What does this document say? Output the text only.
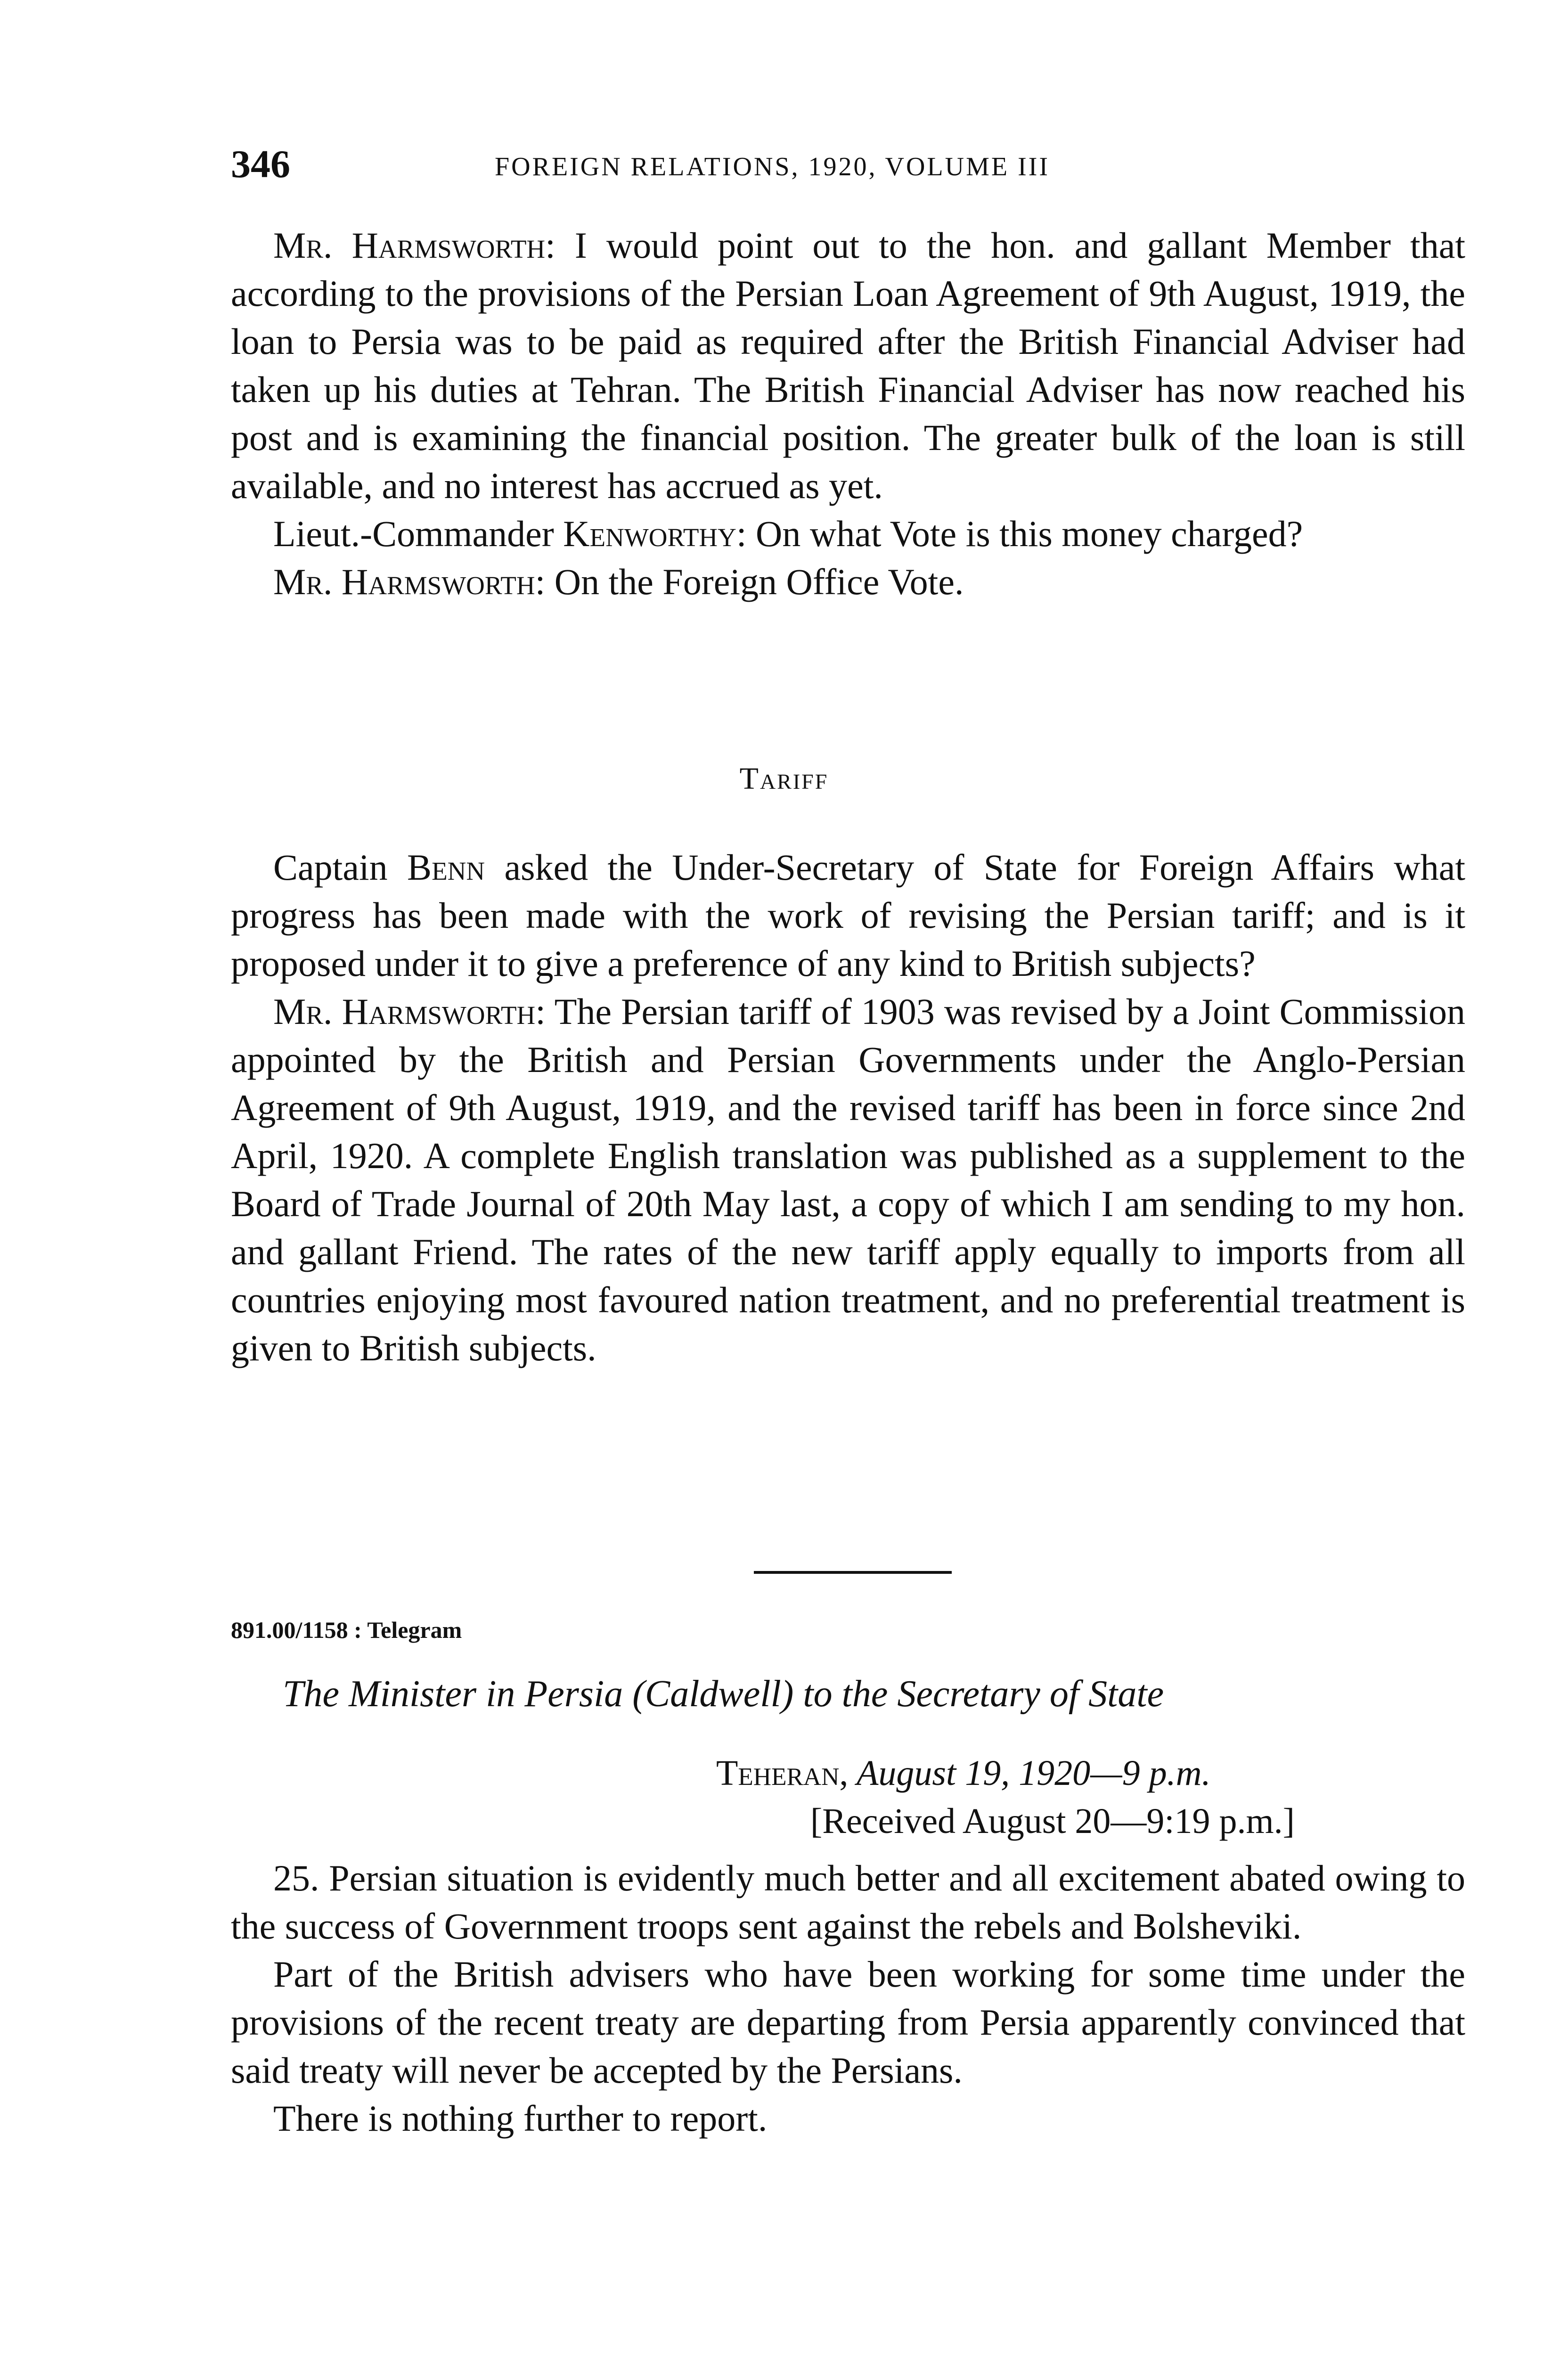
346	FOREIGN RELATIONS, 1920, VOLUME III

Mr. Harmsworth: I would point out to the hon. and gallant Member that according to the provisions of the Persian Loan Agreement of 9th August, 1919, the loan to Persia was to be paid as required after the British Financial Adviser had taken up his duties at Tehran. The British Financial Adviser has now reached his post and is examining the financial position. The greater bulk of the loan is still available, and no interest has accrued as yet.

Lieut.-Commander Kenworthy: On what Vote is this money charged?

Mr. Harmsworth: On the Foreign Office Vote.

Tariff

Captain Benn asked the Under-Secretary of State for Foreign Affairs what progress has been made with the work of revising the Persian tariff; and is it proposed under it to give a preference of any kind to British subjects?

Mr. Harmsworth: The Persian tariff of 1903 was revised by a Joint Commission appointed by the British and Persian Governments under the Anglo-Persian Agreement of 9th August, 1919, and the revised tariff has been in force since 2nd April, 1920. A complete English translation was published as a supplement to the Board of Trade Journal of 20th May last, a copy of which I am sending to my hon. and gallant Friend. The rates of the new tariff apply equally to imports from all countries enjoying most favoured nation treatment, and no preferential treatment is given to British subjects.

891.00/1158 : Telegram
The Minister in Persia (Caldwell) to the Secretary of State
Teheran, August 19, 1920—9 p.m.
[Received August 20—9:19 p.m.]

25. Persian situation is evidently much better and all excitement abated owing to the success of Government troops sent against the rebels and Bolsheviki.

Part of the British advisers who have been working for some time under the provisions of the recent treaty are departing from Persia apparently convinced that said treaty will never be accepted by the Persians.

There is nothing further to report.
